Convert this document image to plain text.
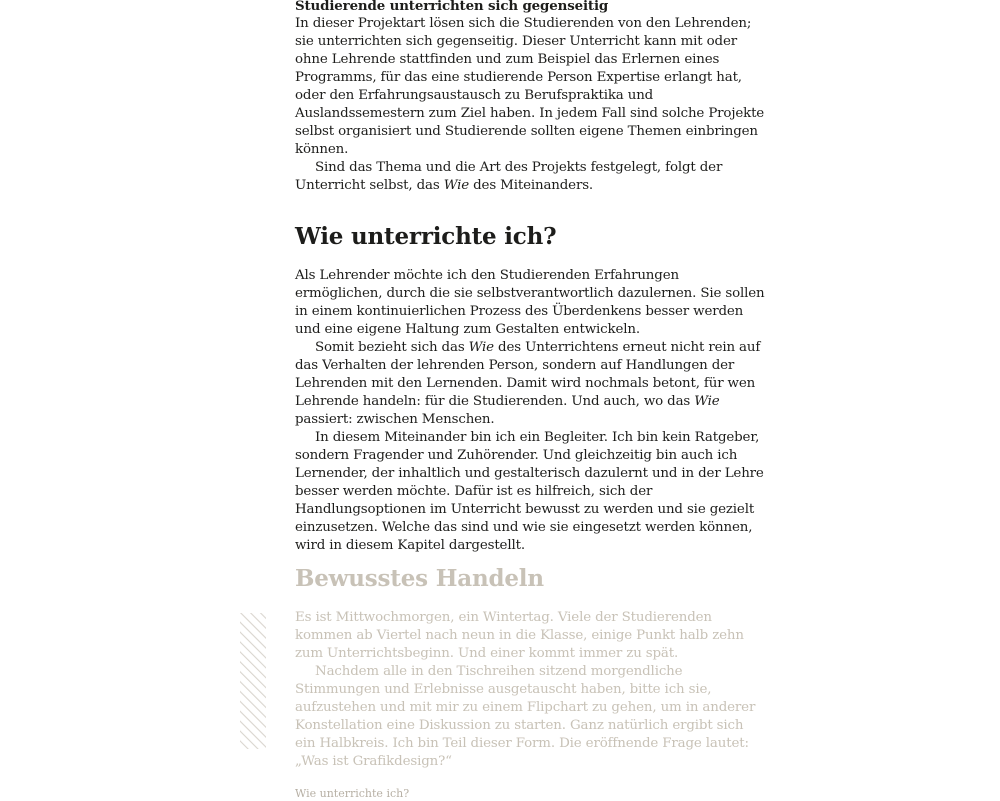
Studierende unterrichten sich gegenseitig

In dieser Projektart lösen sich die Studierenden von den Lehrenden; sie unterrichten sich gegenseitig. Dieser Unterricht kann mit oder ohne Lehrende stattfinden und zum Beispiel das Erlernen eines Programms, für das eine studierende Person Expertise erlangt hat, oder den Erfahrungsaustausch zu Berufspraktika und Auslandssemestern zum Ziel haben. In jedem Fall sind solche Projekte selbst organisiert und Studierende sollten eigene Themen einbringen können.

Sind das Thema und die Art des Projekts festgelegt, folgt der Unterricht selbst, das Wie des Miteinanders.

Wie unterrichte ich?

Als Lehrender möchte ich den Studierenden Erfahrungen ermöglichen, durch die sie selbstverantwortlich dazulernen. Sie sollen in einem kontinuierlichen Prozess des Überdenkens besser werden und eine eigene Haltung zum Gestalten entwickeln.

Somit bezieht sich das Wie des Unterrichtens erneut nicht rein auf das Verhalten der lehrenden Person, sondern auf Handlungen der Lehrenden mit den Lernenden. Damit wird nochmals betont, für wen Lehrende handeln: für die Studierenden. Und auch, wo das Wie passiert: zwischen Menschen.

In diesem Miteinander bin ich ein Begleiter. Ich bin kein Ratgeber, sondern Fragender und Zuhörender. Und gleichzeitig bin auch ich Lernender, der inhaltlich und gestalterisch dazulernt und in der Lehre besser werden möchte. Dafür ist es hilfreich, sich der Handlungsoptionen im Unterricht bewusst zu werden und sie gezielt einzusetzen. Welche das sind und wie sie eingesetzt werden können, wird in diesem Kapitel dargestellt.

Bewusstes Handeln

Es ist Mittwochmorgen, ein Wintertag. Viele der Studierenden kommen ab Viertel nach neun in die Klasse, einige Punkt halb zehn zum Unterrichtsbeginn. Und einer kommt immer zu spät.

Nachdem alle in den Tischreihen sitzend morgendliche Stimmungen und Erlebnisse ausgetauscht haben, bitte ich sie, aufzustehen und mit mir zu einem Flipchart zu gehen, um in anderer Konstellation eine Diskussion zu starten. Ganz natürlich ergibt sich ein Halbkreis. Ich bin Teil dieser Form. Die eröffnende Frage lautet: „Was ist Grafikdesign?“

Wie unterrichte ich?
